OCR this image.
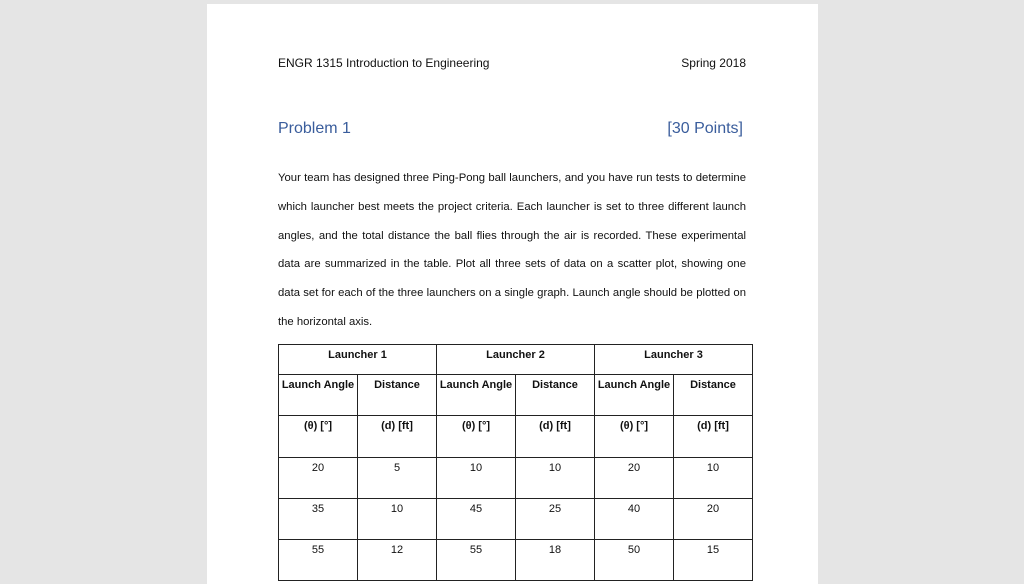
ENGR 1315 Introduction to Engineering	Spring 2018
Problem 1	[30 Points]
Your team has designed three Ping-Pong ball launchers, and you have run tests to determine which launcher best meets the project criteria. Each launcher is set to three different launch angles, and the total distance the ball flies through the air is recorded. These experimental data are summarized in the table. Plot all three sets of data on a scatter plot, showing one data set for each of the three launchers on a single graph. Launch angle should be plotted on the horizontal axis.
Launcher 1		Launcher 2		Launcher 3	
Launch Angle	Distance	Launch Angle	Distance	Launch Angle	Distance
(θ) [°]	(d) [ft]	(θ) [°]	(d) [ft]	(θ) [°]	(d) [ft]
20	5	10	10	20	10
35	10	45	25	40	20
55	12	55	18	50	15
